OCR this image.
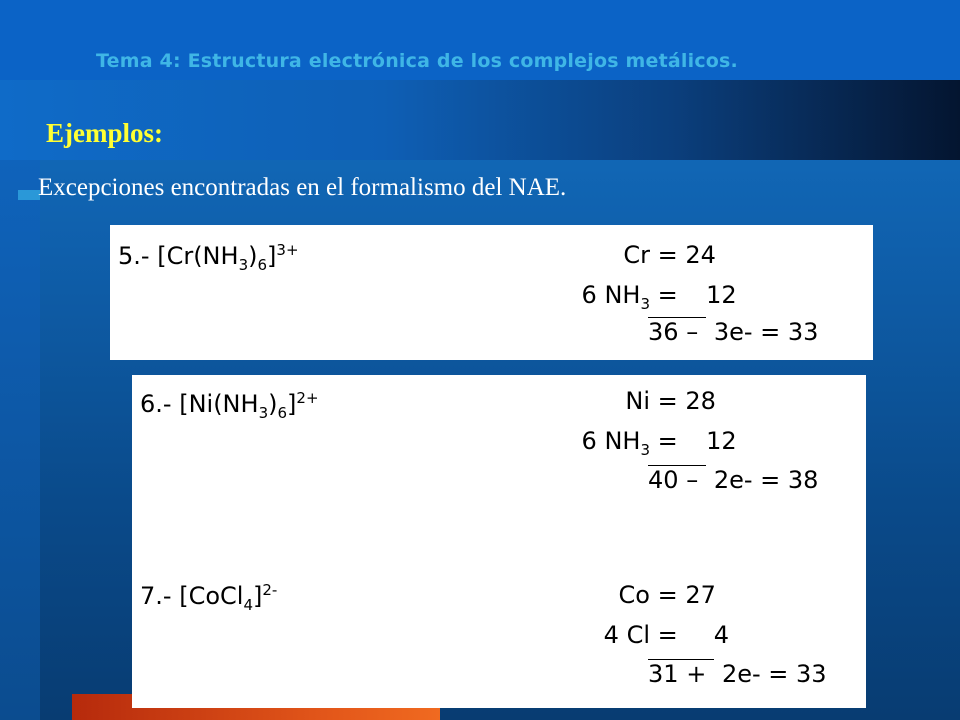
Tema 4: Estructura electrónica de los complejos metálicos.
Ejemplos:

Excepciones encontradas en el formalismo del NAE.

5.- $[Cr(NH_3)_6]^{3+}$	Cr = 24
6 $NH_3 = 12$
36 – 3e- = 33
6.- $[Ni(NH_3)_6]^{2+}$	Ni = 28
6 $NH_3 = 12$
40 – 2e- = 38
7.- [CoCl$_4$]$^{2-}$	Co = 27
4 Cl = 4
31 + 2e- = 33
